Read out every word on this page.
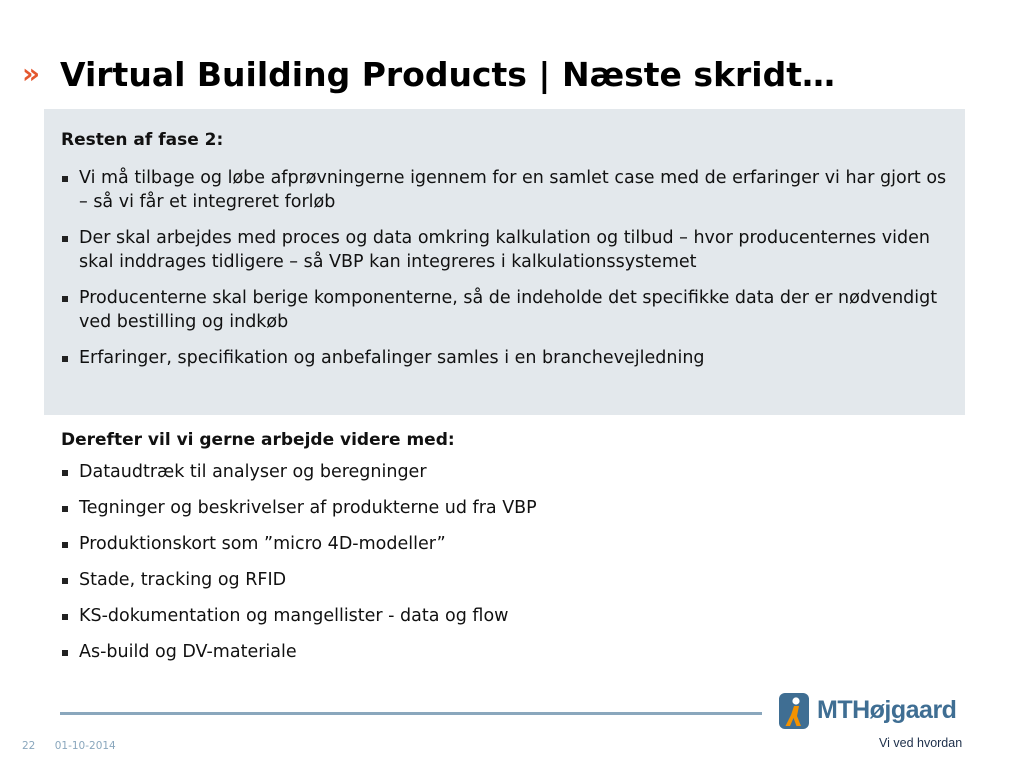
» Virtual Building Products | Næste skridt…

Resten af fase 2:

Vi må tilbage og løbe afprøvningerne igennem for en samlet case med de erfaringer vi har gjort os – så vi får et integreret forløb
Der skal arbejdes med proces og data omkring kalkulation og tilbud – hvor producenternes viden skal inddrages tidligere – så VBP kan integreres i kalkulationssystemet
Producenterne skal berige komponenterne, så de indeholde det specifikke data der er nødvendigt ved bestilling og indkøb
Erfaringer, specifikation og anbefalinger samles i en branchevejledning

Derefter vil vi gerne arbejde videre med:

Dataudtræk til analyser og beregninger
Tegninger og beskrivelser af produkterne ud fra VBP
Produktionskort som ”micro 4D-modeller”
Stade, tracking og RFID
KS-dokumentation og mangellister - data og flow
As-build og DV-materiale
MTHøjgaard
Vi ved hvordan
22 01-10-2014
